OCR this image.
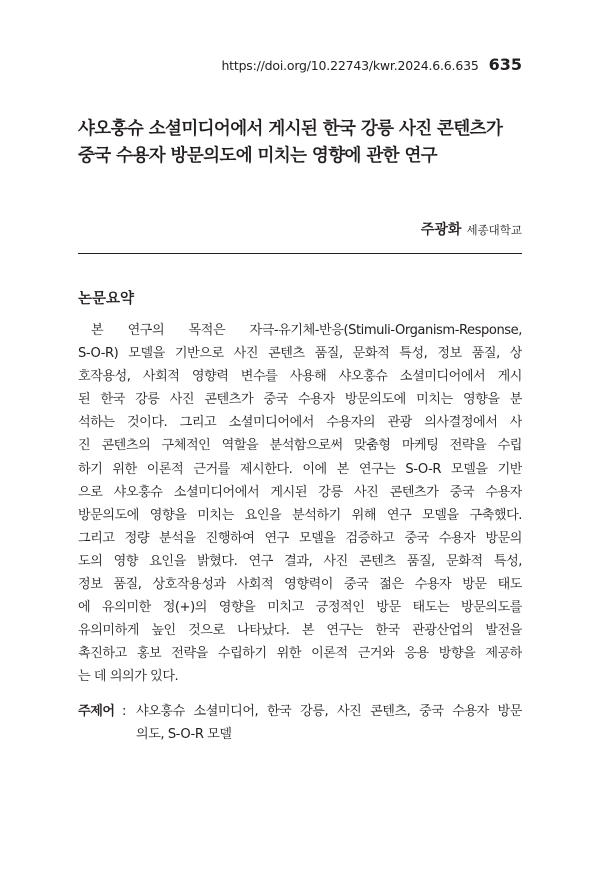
https://doi.org/10.22743/kwr.2024.6.6.635 635
샤오훙슈 소셜미디어에서 게시된 한국 강릉 사진 콘텐츠가
중국 수용자 방문의도에 미치는 영향에 관한 연구
주광화 세종대학교
논문요약
본 연구의 목적은 자극-유기체-반응(Stimuli-Organism-Response,
S-O-R) 모델을 기반으로 사진 콘텐츠 품질, 문화적 특성, 정보 품질, 상
호작용성, 사회적 영향력 변수를 사용해 샤오훙슈 소셜미디어에서 게시
된 한국 강릉 사진 콘텐츠가 중국 수용자 방문의도에 미치는 영향을 분
석하는 것이다. 그리고 소셜미디어에서 수용자의 관광 의사결정에서 사
진 콘텐츠의 구체적인 역할을 분석함으로써 맞춤형 마케팅 전략을 수립
하기 위한 이론적 근거를 제시한다. 이에 본 연구는 S-O-R 모델을 기반
으로 샤오훙슈 소셜미디어에서 게시된 강릉 사진 콘텐츠가 중국 수용자
방문의도에 영향을 미치는 요인을 분석하기 위해 연구 모델을 구축했다.
그리고 정량 분석을 진행하여 연구 모델을 검증하고 중국 수용자 방문의
도의 영향 요인을 밝혔다. 연구 결과, 사진 콘텐츠 품질, 문화적 특성,
정보 품질, 상호작용성과 사회적 영향력이 중국 젊은 수용자 방문 태도
에 유의미한 정(+)의 영향을 미치고 긍정적인 방문 태도는 방문의도를
유의미하게 높인 것으로 나타났다. 본 연구는 한국 관광산업의 발전을
촉진하고 홍보 전략을 수립하기 위한 이론적 근거와 응용 방향을 제공하
는 데 의의가 있다.
주제어 : 샤오훙슈 소셜미디어, 한국 강릉, 사진 콘텐츠, 중국 수용자 방문
의도, S-O-R 모델
